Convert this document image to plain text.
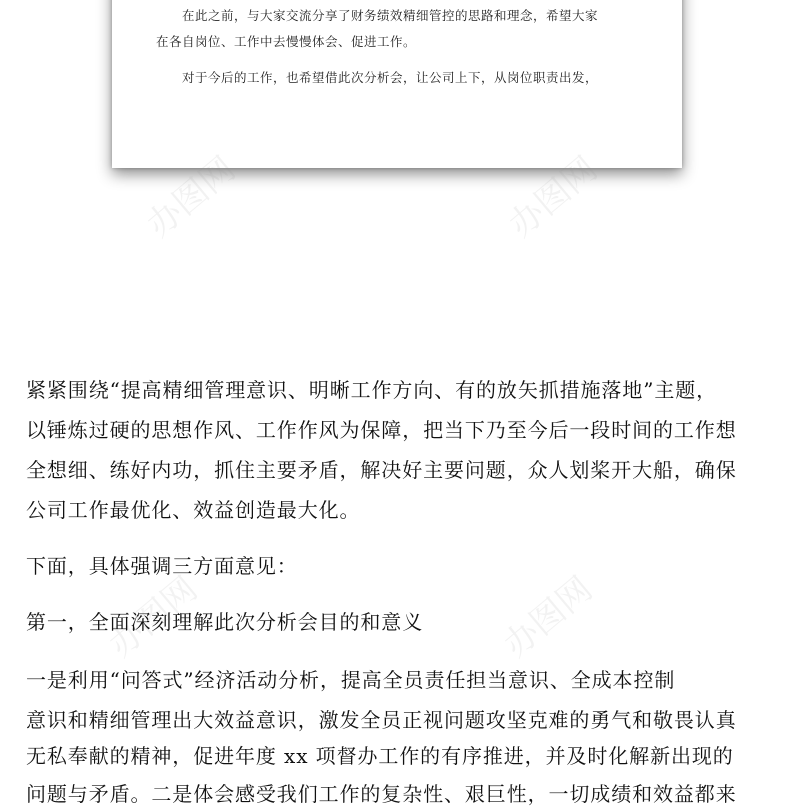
在此之前，与大家交流分享了财务绩效精细管控的思路和理念，希望大家
在各自岗位、工作中去慢慢体会、促进工作。
对于今后的工作，也希望借此次分析会，让公司上下，从岗位职责出发，
办图网	办图网
办图网	办图网
紧紧围绕“提高精细管理意识、明晰工作方向、有的放矢抓措施落地”主题，
以锤炼过硬的思想作风、工作作风为保障，把当下乃至今后一段时间的工作想
全想细、练好内功，抓住主要矛盾，解决好主要问题，众人划桨开大船，确保
公司工作最优化、效益创造最大化。
下面，具体强调三方面意见：
第一，全面深刻理解此次分析会目的和意义
一是利用“问答式”经济活动分析，提高全员责任担当意识、全成本控制
意识和精细管理出大效益意识，激发全员正视问题攻坚克难的勇气和敬畏认真
无私奉献的精神，促进年度 xx 项督办工作的有序推进，并及时化解新出现的
问题与矛盾。二是体会感受我们工作的复杂性、艰巨性，一切成绩和效益都来
